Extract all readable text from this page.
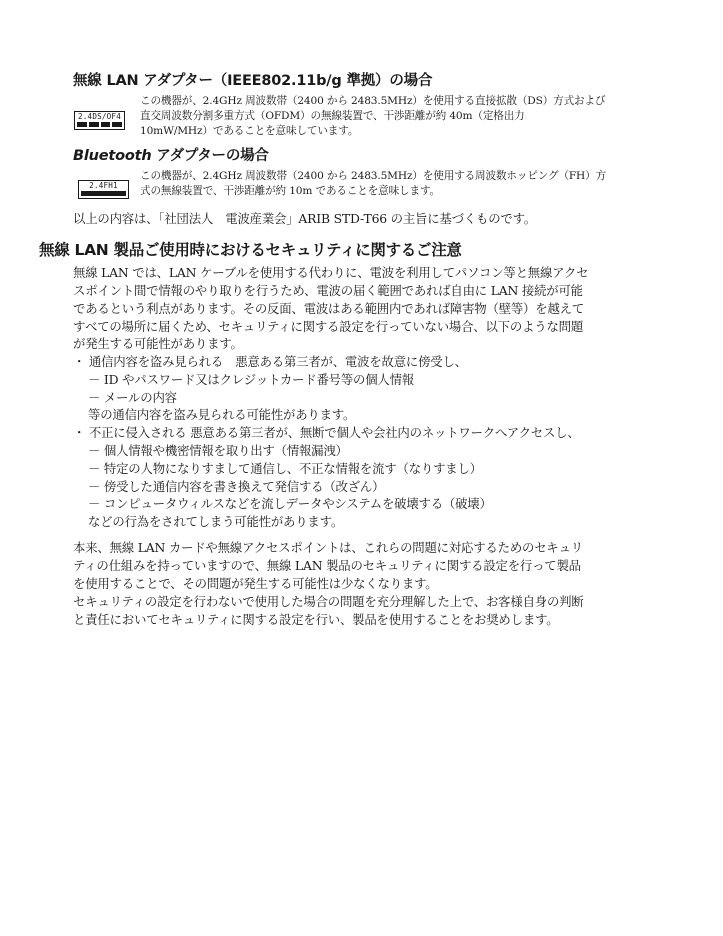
無線 LAN アダプター（IEEE802.11b/g 準拠）の場合
2.4DS/OF4
この機器が、2.4GHz 周波数帯（2400 から 2483.5MHz）を使用する直接拡散（DS）方式および
直交周波数分割多重方式（OFDM）の無線装置で、干渉距離が約 40m（定格出力
10mW/MHz）であることを意味しています。
Bluetooth アダプターの場合
2.4FH1
この機器が、2.4GHz 周波数帯（2400 から 2483.5MHz）を使用する周波数ホッピング（FH）方
式の無線装置で、干渉距離が約 10m であることを意味します。
以上の内容は、「社団法人　電波産業会」ARIB STD-T66 の主旨に基づくものです。
無線 LAN 製品ご使用時におけるセキュリティに関するご注意
無線 LAN では、LAN ケーブルを使用する代わりに、電波を利用してパソコン等と無線アクセ
スポイント間で情報のやり取りを行うため、電波の届く範囲であれば自由に LAN 接続が可能
であるという利点があります。その反面、電波はある範囲内であれば障害物（壁等）を越えて
すべての場所に届くため、セキュリティに関する設定を行っていない場合、以下のような問題
が発生する可能性があります。
・ 通信内容を盗み見られる　悪意ある第三者が、電波を故意に傍受し、
－ ID やパスワード又はクレジットカード番号等の個人情報
－ メールの内容
等の通信内容を盗み見られる可能性があります。
・ 不正に侵入される 悪意ある第三者が、無断で個人や会社内のネットワークへアクセスし、
－ 個人情報や機密情報を取り出す（情報漏洩）
－ 特定の人物になりすまして通信し、不正な情報を流す（なりすまし）
－ 傍受した通信内容を書き換えて発信する（改ざん）
－ コンピュータウィルスなどを流しデータやシステムを破壊する（破壊）
などの行為をされてしまう可能性があります。
本来、無線 LAN カードや無線アクセスポイントは、これらの問題に対応するためのセキュリ
ティの仕組みを持っていますので、無線 LAN 製品のセキュリティに関する設定を行って製品
を使用することで、その問題が発生する可能性は少なくなります。
セキュリティの設定を行わないで使用した場合の問題を充分理解した上で、お客様自身の判断
と責任においてセキュリティに関する設定を行い、製品を使用することをお奨めします。
